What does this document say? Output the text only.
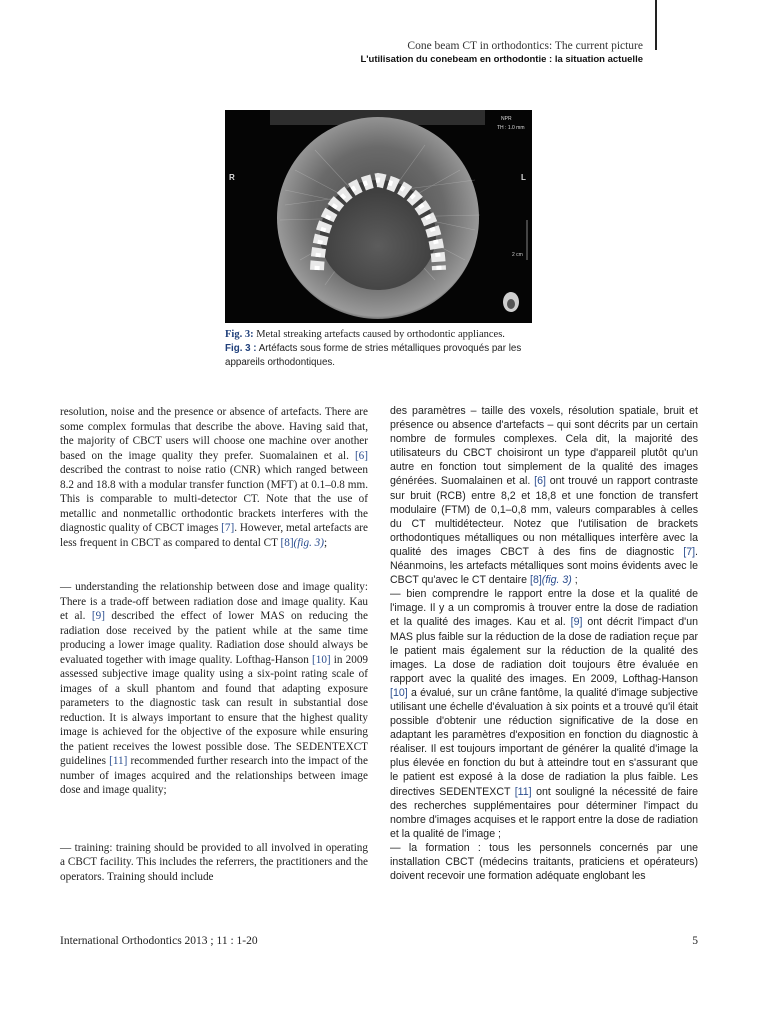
Cone beam CT in orthodontics: The current picture
L'utilisation du conebeam en orthodontie : la situation actuelle
NPR
TH : 1.0 mm
R	L
2 cm
Fig. 3: Metal streaking artefacts caused by orthodontic appliances.
Fig. 3 : Artéfacts sous forme de stries métalliques provoqués par les appareils orthodontiques.

resolution, noise and the presence or absence of artefacts. There are some complex formulas that describe the above. Having said that, the majority of CBCT users will choose one machine over another based on the image quality they prefer. Suomalainen et al. [6] described the contrast to noise ratio (CNR) which ranged between 8.2 and 18.8 with a modular transfer function (MFT) at 0.1–0.8 mm. This is comparable to multi-detector CT. Note that the use of metallic and nonmetallic orthodontic brackets interferes with the diagnostic quality of CBCT images [7]. However, metal artefacts are less frequent in CBCT as compared to dental CT [8](fig. 3);

— understanding the relationship between dose and image quality: There is a trade-off between radiation dose and image quality. Kau et al. [9] described the effect of lower MAS on reducing the radiation dose received by the patient while at the same time producing a lower image quality. Radiation dose should always be evaluated together with image quality. Lofthag-Hanson [10] in 2009 assessed subjective image quality using a six-point rating scale of images of a skull phantom and found that adapting exposure parameters to the diagnostic task can result in substantial dose reduction. It is always important to ensure that the highest quality image is achieved for the objective of the exposure while ensuring the patient receives the lowest possible dose. The SEDENTEXCT guidelines [11] recommended further research into the impact of the number of images acquired and the relationships between image dose and image quality;

— training: training should be provided to all involved in operating a CBCT facility. This includes the referrers, the practitioners and the operators. Training should include

des paramètres – taille des voxels, résolution spatiale, bruit et présence ou absence d'artefacts – qui sont décrits par un certain nombre de formules complexes. Cela dit, la majorité des utilisateurs du CBCT choisiront un type d'appareil plutôt qu'un autre en fonction tout simplement de la qualité des images générées. Suomalainen et al. [6] ont trouvé un rapport contraste sur bruit (RCB) entre 8,2 et 18,8 et une fonction de transfert modulaire (FTM) de 0,1–0,8 mm, valeurs comparables à celles du CT multidétecteur. Notez que l'utilisation de brackets orthodontiques métalliques ou non métalliques interfère avec la qualité des images CBCT à des fins de diagnostic [7]. Néanmoins, les artefacts métalliques sont moins évidents avec le CBCT qu'avec le CT dentaire [8](fig. 3) ;

— bien comprendre le rapport entre la dose et la qualité de l'image. Il y a un compromis à trouver entre la dose de radiation et la qualité des images. Kau et al. [9] ont décrit l'impact d'un MAS plus faible sur la réduction de la dose de radiation reçue par le patient mais également sur la réduction de la qualité des images. La dose de radiation doit toujours être évaluée en rapport avec la qualité des images. En 2009, Lofthag-Hanson [10] a évalué, sur un crâne fantôme, la qualité d'image subjective utilisant une échelle d'évaluation à six points et a trouvé qu'il était possible d'obtenir une réduction significative de la dose en adaptant les paramètres d'exposition en fonction du diagnostic à réaliser. Il est toujours important de générer la qualité d'image la plus élevée en fonction du but à atteindre tout en s'assurant que le patient est exposé à la dose de radiation la plus faible. Les directives SEDENTEXCT [11] ont souligné la nécessité de faire des recherches supplémentaires pour déterminer l'impact du nombre d'images acquises et le rapport entre la dose de radiation et la qualité de l'image ;

— la formation : tous les personnels concernés par une installation CBCT (médecins traitants, praticiens et opérateurs) doivent recevoir une formation adéquate englobant les

International Orthodontics 2013 ; 11 : 1-20	5
